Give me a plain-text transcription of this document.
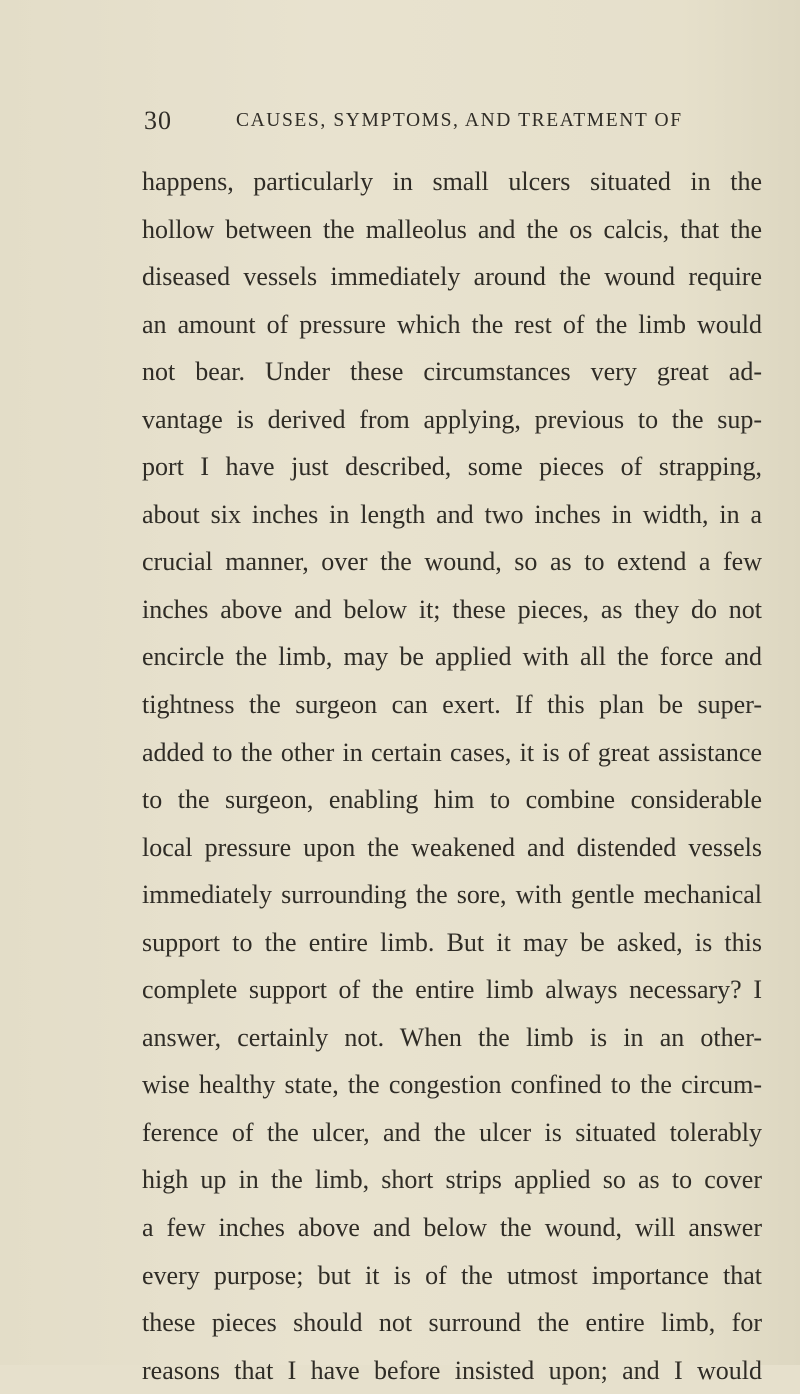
30	CAUSES, SYMPTOMS, AND TREATMENT OF
happens, particularly in small ulcers situated in the
hollow between the malleolus and the os calcis, that the
diseased vessels immediately around the wound require
an amount of pressure which the rest of the limb would
not bear. Under these circumstances very great ad-
vantage is derived from applying, previous to the sup-
port I have just described, some pieces of strapping,
about six inches in length and two inches in width, in a
crucial manner, over the wound, so as to extend a few
inches above and below it; these pieces, as they do not
encircle the limb, may be applied with all the force and
tightness the surgeon can exert. If this plan be super-
added to the other in certain cases, it is of great assistance
to the surgeon, enabling him to combine considerable
local pressure upon the weakened and distended vessels
immediately surrounding the sore, with gentle mechanical
support to the entire limb. But it may be asked, is this
complete support of the entire limb always necessary? I
answer, certainly not. When the limb is in an other-
wise healthy state, the congestion confined to the circum-
ference of the ulcer, and the ulcer is situated tolerably
high up in the limb, short strips applied so as to cover
a few inches above and below the wound, will answer
every purpose; but it is of the utmost importance that
these pieces should not surround the entire limb, for
reasons that I have before insisted upon; and I would
